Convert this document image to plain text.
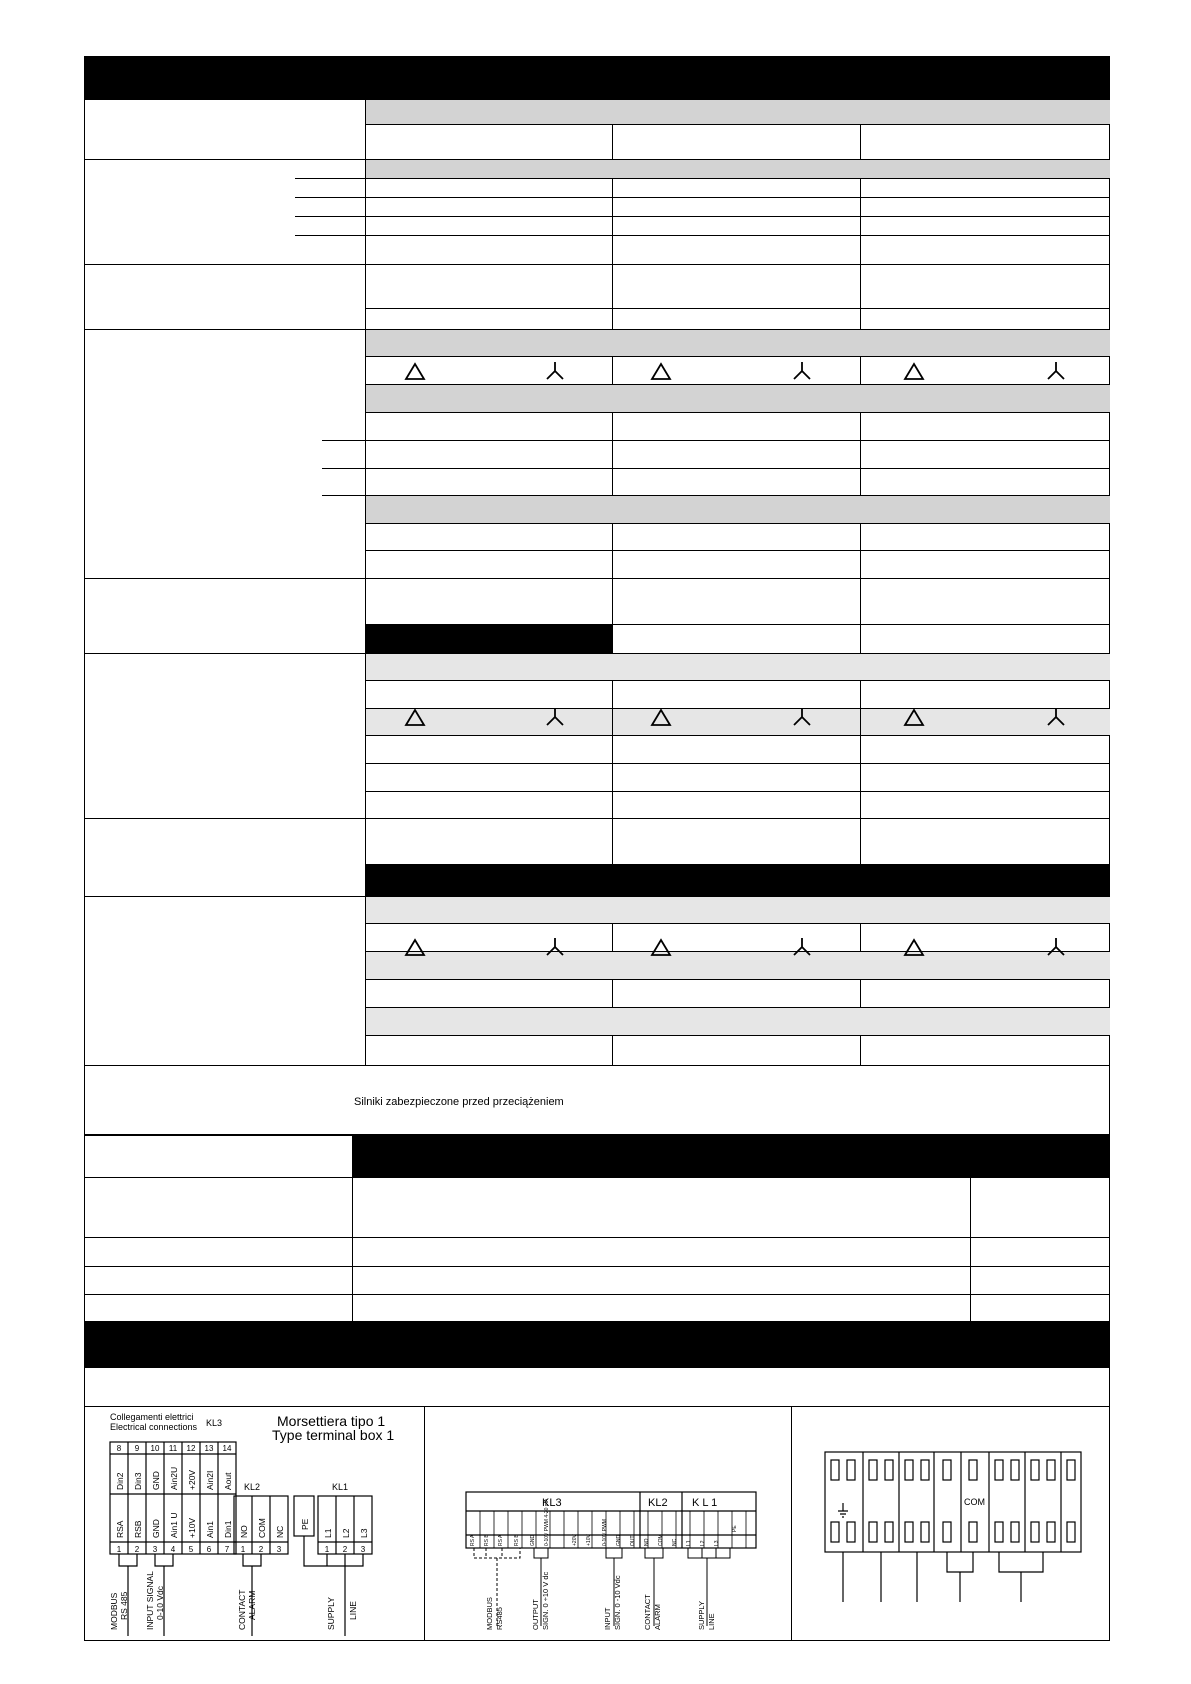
Silniki zabezpieczone przed przeciążeniem
Collegamenti elettrici
Electrical connections KL3	Morsettiera tipo 1
Type terminal box 1
8 9 10 11 12 13 14
1 2 3 4 5 6 7 1 2 3	1 2 3
KL2	KL1
Din2 Din3 GND Ain2U +20V Ain2I Aout
RSA RSB GND Ain1 U +10V Ain1 Din1 NO COM NC
PE
L1 L2 L3
MODBUS RS 485 INPUT SIGNAL 0-10 Vdc	CONTACT ALARM	SUPPLY LINE
KL3	KL2 K L 1
RS A RS B RS A RS B GND 0-10V PWM 4-20 mA	+20V +10V 0-10V PWM GND OUT NO COM NC L1 L2 L3
PE
MODBUS RS485	OUTPUT SIGN. 0 ÷10 V dc	INPUT SIGN. 0 -10 Vdc	CONTACT ALARM	SUPPLY LINE
COM
